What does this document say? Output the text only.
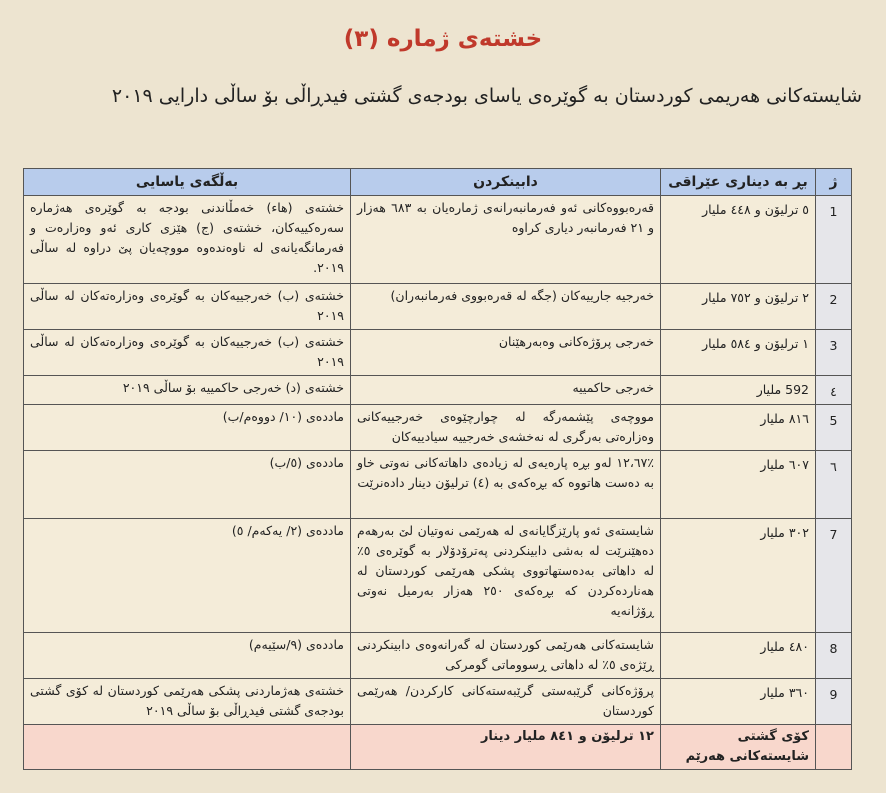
خشتەی ژمارە (٣)
شایستەکانی هەریمی کوردستان بە گوێرەی یاسای بودجەی گشتی فیدڕاڵی بۆ ساڵی دارایی ٢٠١٩
ژ	بڕ بە دیناری عێراقی	دابینکردن	بەڵگەی یاسایی
1	٥ ترلیۆن و ٤٤٨ ملیار	قەرەبووەکانی ئەو فەرمانبەرانەی ژمارەیان بە ٦٨٣ هەزار و ٢١ فەرمانبەر دیاری کراوە	خشتەی (هاء) خەمڵاندنی بودجە بە گوێرەی هەژمارە سەرەکییەکان، خشتەی (ج) هێزی کاری ئەو وەزارەت و فەرمانگەیانەی لە ناوەندەوە مووچەیان پێ دراوە لە ساڵی ٢٠١٩.
2	٢ ترلیۆن و ٧٥٢ ملیار	خەرجیە جارییەکان (جگە لە قەرەبووی فەرمانبەران)	خشتەی (ب) خەرجییەکان بە گوێرەی وەزارەتەکان لە ساڵی ٢٠١٩
3	١ ترلیۆن و ٥٨٤ ملیار	خەرجی پرۆژەکانی وەبەرهێنان	خشتەی (ب) خەرجییەکان بە گوێرەی وەزارەتەکان لە ساڵی ٢٠١٩
٤	592 ملیار	خەرجی حاکمییە	خشتەی (د) خەرجی حاکمییە بۆ ساڵی ٢٠١٩
5	٨١٦ ملیار	مووچەی پێشمەرگە لە چوارچێوەی خەرجییەکانی وەزارەتی بەرگری لە نەخشەی خەرجییە سیادییەکان	ماددەی (١٠/ دووەم/ب)
٦	٦٠٧ ملیار	٪١٢،٦٧ لەو بڕە پارەیەی لە زیادەی داهاتەکانی نەوتی خاو بە دەست هاتووە کە بڕەکەی بە (٤) ترلیۆن دینار دادەنرێت	ماددەی (٥/ب)
7	٣٠٢ ملیار	شایستەی ئەو پارێزگایانەی لە هەرێمی نەوتیان لێ بەرهەم دەهێنرێت لە بەشی دابینکردنی پەترۆدۆلار بە گوێرەی ٥٪ لە داهاتی بەدەستهاتووی پشکی هەرێمی کوردستان لە هەناردەکردن کە بڕەکەی ٢٥٠ هەزار بەرمیل نەوتی ڕۆژانەیە	ماددەی (٢/ یەکەم/ ٥)
8	٤٨٠ ملیار	شایستەکانی هەرێمی کوردستان لە گەرانەوەی دابینکردنی ڕێژەی ٥٪ لە داهاتی ڕسووماتی گومرکی	ماددەی (٩/سێیەم)
9	٣٦٠ ملیار	پرۆژەکانی گرێبەستی گرێبەستەکانی کارکردن/ هەرێمی کوردستان	خشتەی هەژماردنی پشکی هەرێمی کوردستان لە کۆی گشتی بودجەی گشتی فیدڕاڵی بۆ ساڵی ٢٠١٩
	کۆی گشتی شایستەکانی هەرێم	١٢ ترلیۆن و ٨٤١ ملیار دینار	
